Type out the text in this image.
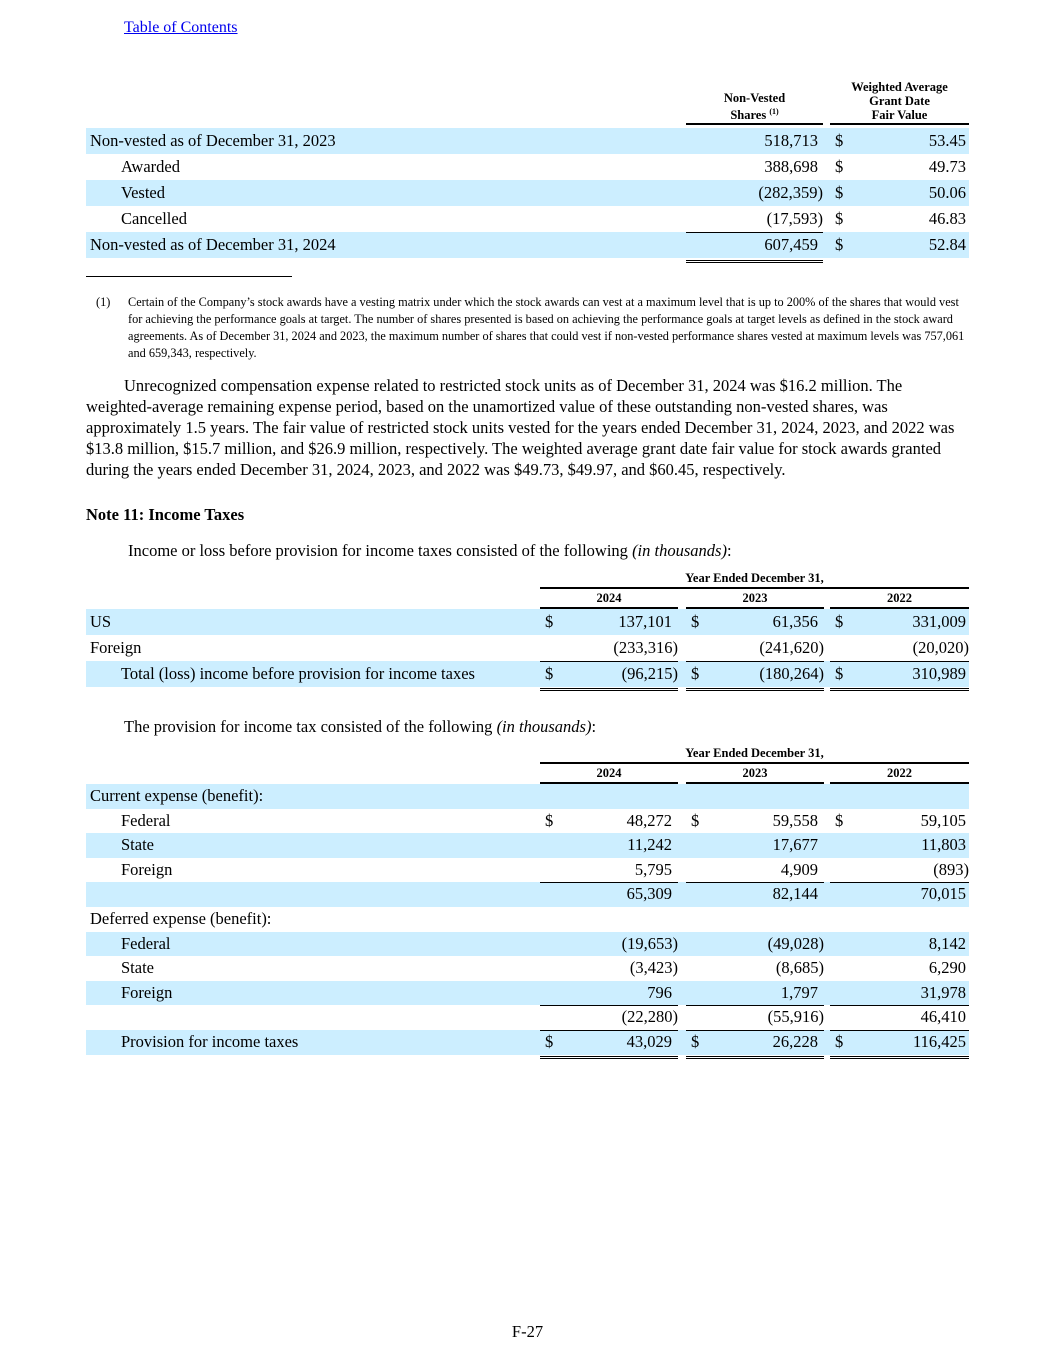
Table of Contents
Non-Vested
Shares $^{(1)}$
Weighted Average
Grant Date
Fair Value
Non-vested as of December 31, 2023	518,713 $	53.45
Awarded	388,698 $	49.73
Vested	(282,359) $	50.06
Cancelled	(17,593) $	46.83
Non-vested as of December 31, 2024	607,459 $	52.84
(1) Certain of the Company’s stock awards have a vesting matrix under which the stock awards can vest at a maximum level that is up to 200% of the shares that would vest for achieving the performance goals at target. The number of shares presented is based on achieving the performance goals at target levels as defined in the stock award agreements. As of December 31, 2024 and 2023, the maximum number of shares that could vest if non-vested performance shares vested at maximum levels was 757,061 and 659,343, respectively.
Unrecognized compensation expense related to restricted stock units as of December 31, 2024 was $16.2 million. The weighted-average remaining expense period, based on the unamortized value of these outstanding non-vested shares, was approximately 1.5 years. The fair value of restricted stock units vested for the years ended December 31, 2024, 2023, and 2022 was $13.8 million, $15.7 million, and $26.9 million, respectively. The weighted average grant date fair value for stock awards granted during the years ended December 31, 2024, 2023, and 2022 was $49.73, $49.97, and $60.45, respectively.
Note 11: Income Taxes
Income or loss before provision for income taxes consisted of the following (in thousands):
Year Ended December 31,
2024	2023	2022
US	$	137,101 $	61,356 $	331,009
Foreign	(233,316)	(241,620)	(20,020)
Total (loss) income before provision for income taxes	$	(96,215) $	(180,264) $	310,989
The provision for income tax consisted of the following (in thousands):
Year Ended December 31,
2024	2023	2022
Current expense (benefit):
Federal	$	48,272 $	59,558 $	59,105
State	11,242	17,677	11,803
Foreign	5,795	4,909	(893)
65,309	82,144	70,015
Deferred expense (benefit):
Federal	(19,653)	(49,028)	8,142
State	(3,423)	(8,685)	6,290
Foreign	796	1,797	31,978
(22,280)	(55,916)	46,410
Provision for income taxes	$	43,029 $	26,228 $	116,425
F-27
